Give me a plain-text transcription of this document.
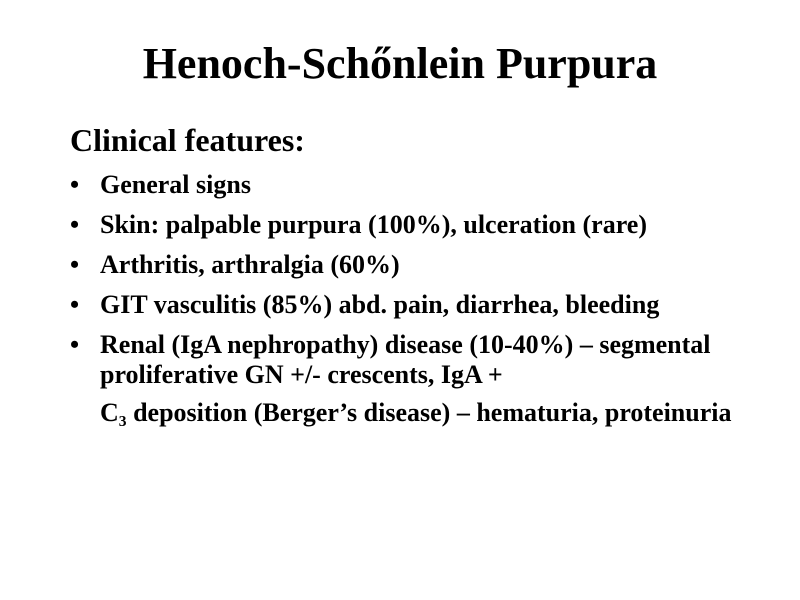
Henoch-Schőnlein Purpura
Clinical features:
• General signs
• Skin: palpable purpura (100%), ulceration (rare)
• Arthritis, arthralgia (60%)
• GIT vasculitis (85%) abd. pain, diarrhea, bleeding
• Renal (IgA nephropathy) disease (10-40%) – segmental proliferative GN +/- crescents, IgA +
C₃ deposition (Berger’s disease) – hematuria, proteinuria
